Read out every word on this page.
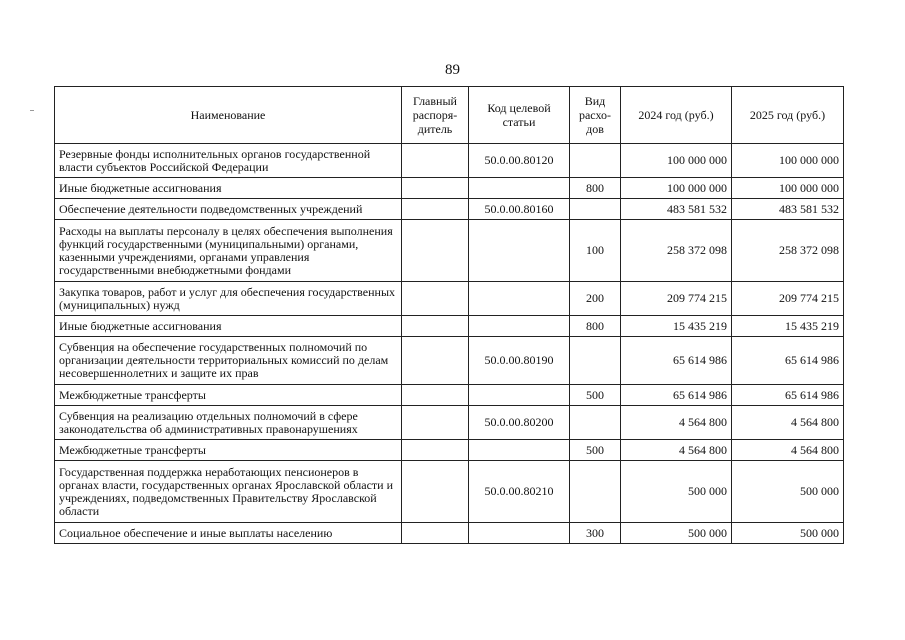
89
Наименование	Главный распоря- дитель	Код целевой статьи	Вид расхо- дов	2024 год (руб.)	2025 год (руб.)
Резервные фонды исполнительных органов государственной власти субъектов Российской Федерации		50.0.00.80120		100 000 000	100 000 000
Иные бюджетные ассигнования			800	100 000 000	100 000 000
Обеспечение деятельности подведомственных учреждений		50.0.00.80160		483 581 532	483 581 532
Расходы на выплаты персоналу в целях обеспечения выполнения функций государственными (муниципальными) органами, казенными учреждениями, органами управления государственными внебюджетными фондами			100	258 372 098	258 372 098
Закупка товаров, работ и услуг для обеспечения государственных (муниципальных) нужд			200	209 774 215	209 774 215
Иные бюджетные ассигнования			800	15 435 219	15 435 219
Субвенция на обеспечение государственных полномочий по организации деятельности территориальных комиссий по делам несовершеннолетних и защите их прав		50.0.00.80190		65 614 986	65 614 986
Межбюджетные трансферты			500	65 614 986	65 614 986
Субвенция на реализацию отдельных полномочий в сфере законодательства об административных правонарушениях		50.0.00.80200		4 564 800	4 564 800
Межбюджетные трансферты			500	4 564 800	4 564 800
Государственная поддержка неработающих пенсионеров в органах власти, государственных органах Ярославской области и учреждениях, подведомственных Правительству Ярославской области		50.0.00.80210		500 000	500 000
Социальное обеспечение и иные выплаты населению			300	500 000	500 000
